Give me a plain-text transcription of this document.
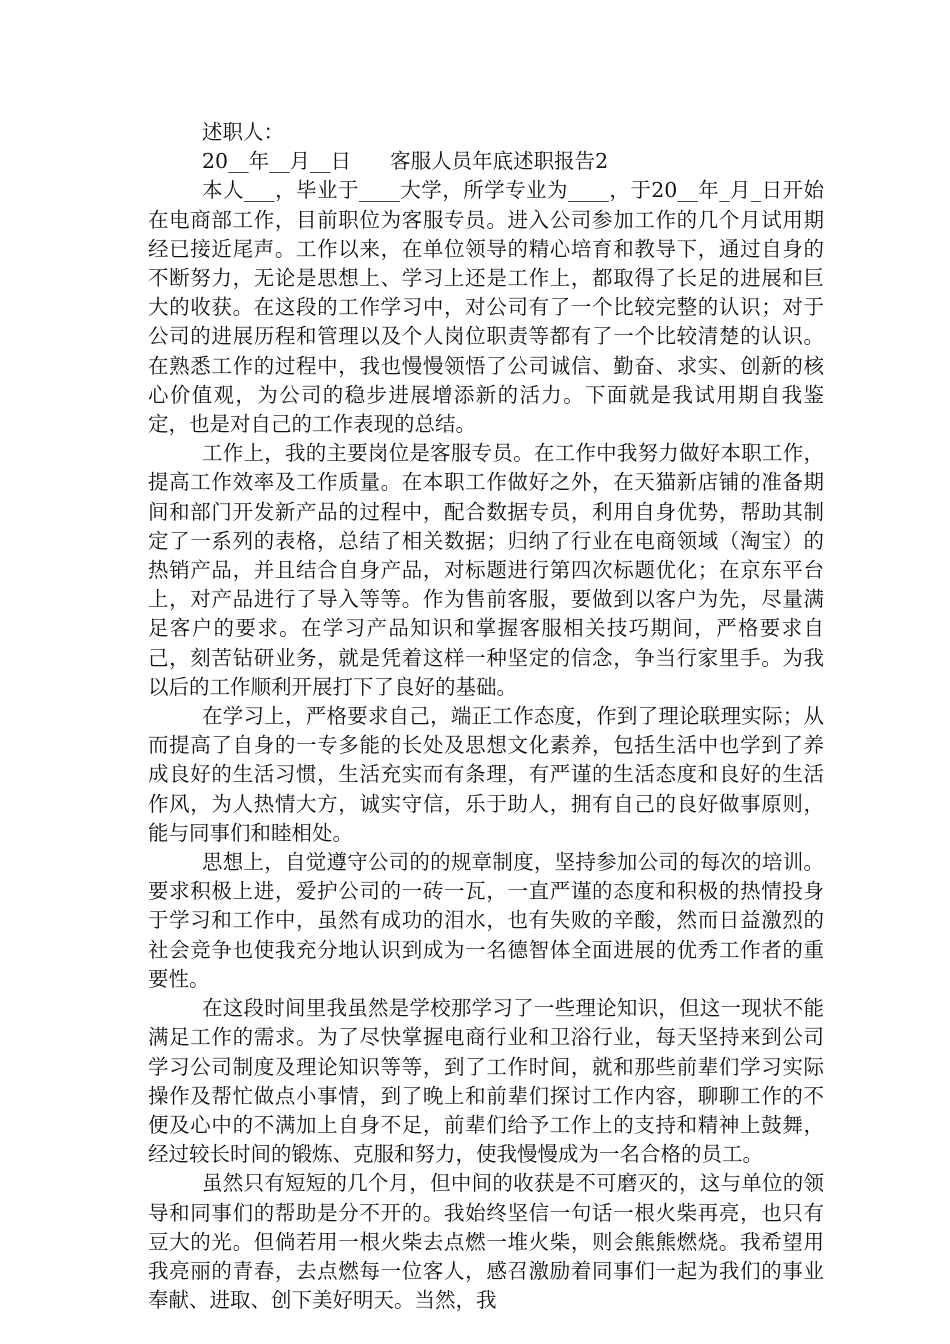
述职人：

20__年__月__日      客服人员年底述职报告2

本人___，毕业于____大学，所学专业为____，于20__年_月_日开始在电商部工作，目前职位为客服专员。进入公司参加工作的几个月试用期经已接近尾声。工作以来，在单位领导的精心培育和教导下，通过自身的不断努力，无论是思想上、学习上还是工作上，都取得了长足的进展和巨大的收获。在这段的工作学习中，对公司有了一个比较完整的认识；对于公司的进展历程和管理以及个人岗位职责等都有了一个比较清楚的认识。在熟悉工作的过程中，我也慢慢领悟了公司诚信、勤奋、求实、创新的核心价值观，为公司的稳步进展增添新的活力。下面就是我试用期自我鉴定，也是对自己的工作表现的总结。

工作上，我的主要岗位是客服专员。在工作中我努力做好本职工作，提高工作效率及工作质量。在本职工作做好之外，在天猫新店铺的准备期间和部门开发新产品的过程中，配合数据专员，利用自身优势，帮助其制定了一系列的表格，总结了相关数据；归纳了行业在电商领域（淘宝）的热销产品，并且结合自身产品，对标题进行第四次标题优化；在京东平台上，对产品进行了导入等等。作为售前客服，要做到以客户为先，尽量满足客户的要求。在学习产品知识和掌握客服相关技巧期间，严格要求自己，刻苦钻研业务，就是凭着这样一种坚定的信念，争当行家里手。为我以后的工作顺利开展打下了良好的基础。

在学习上，严格要求自己，端正工作态度，作到了理论联理实际；从而提高了自身的一专多能的长处及思想文化素养，包括生活中也学到了养成良好的生活习惯，生活充实而有条理，有严谨的生活态度和良好的生活作风，为人热情大方，诚实守信，乐于助人，拥有自己的良好做事原则，能与同事们和睦相处。

思想上，自觉遵守公司的的规章制度，坚持参加公司的每次的培训。要求积极上进，爱护公司的一砖一瓦，一直严谨的态度和积极的热情投身于学习和工作中，虽然有成功的泪水，也有失败的辛酸，然而日益激烈的社会竞争也使我充分地认识到成为一名德智体全面进展的优秀工作者的重要性。

在这段时间里我虽然是学校那学习了一些理论知识，但这一现状不能满足工作的需求。为了尽快掌握电商行业和卫浴行业，每天坚持来到公司学习公司制度及理论知识等等，到了工作时间，就和那些前辈们学习实际操作及帮忙做点小事情，到了晚上和前辈们探讨工作内容，聊聊工作的不便及心中的不满加上自身不足，前辈们给予工作上的支持和精神上鼓舞，经过较长时间的锻炼、克服和努力，使我慢慢成为一名合格的员工。

虽然只有短短的几个月，但中间的收获是不可磨灭的，这与单位的领导和同事们的帮助是分不开的。我始终坚信一句话一根火柴再亮，也只有豆大的光。但倘若用一根火柴去点燃一堆火柴，则会熊熊燃烧。我希望用我亮丽的青春，去点燃每一位客人，感召激励着同事们一起为我们的事业奉献、进取、创下美好明天。当然，我
